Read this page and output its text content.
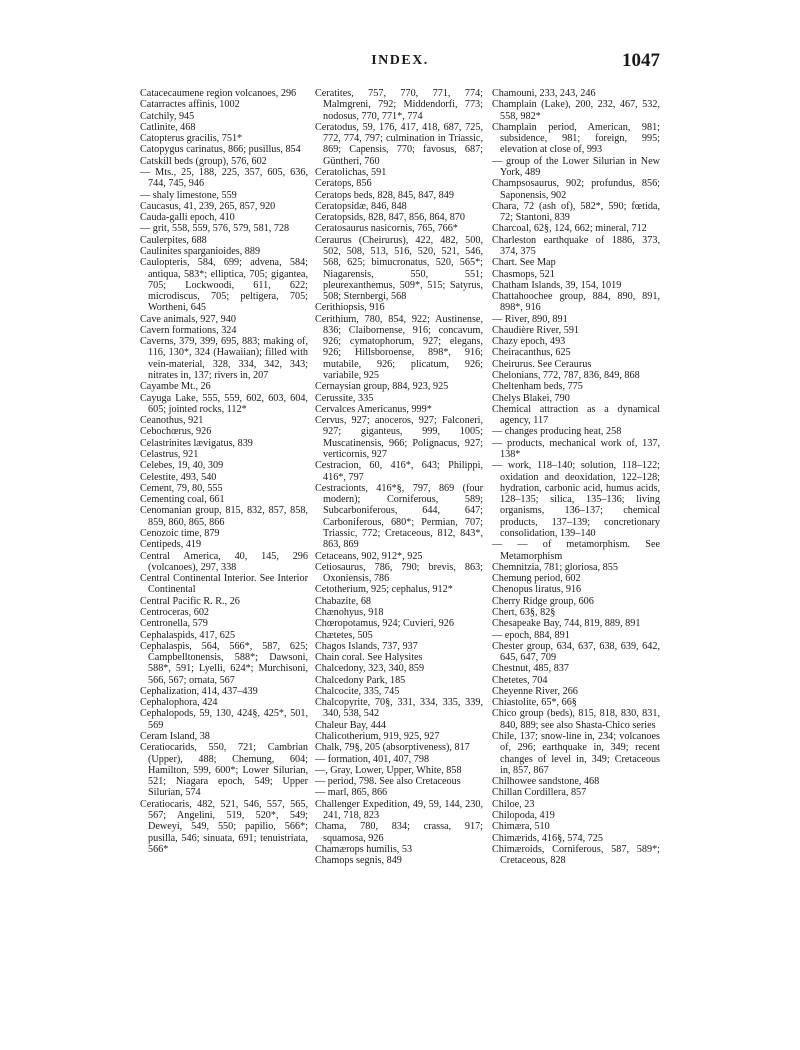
INDEX.	1047

Catacecaumene region volcanoes, 296

Catarractes affinis, 1002

Catchily, 945

Catlinite, 468

Catopterus gracilis, 751*

Catopygus carinatus, 866; pusillus, 854

Catskill beds (group), 576, 602

— Mts., 25, 188, 225, 357, 605, 636, 744, 745, 946

— shaly limestone, 559

Caucasus, 41, 239, 265, 857, 920

Cauda-galli epoch, 410

— grit, 558, 559, 576, 579, 581, 728

Caulerpites, 688

Caulinites sparganioides, 889

Caulopteris, 584, 699; advena, 584; antiqua, 583*; elliptica, 705; gigantea, 705; Lockwoodi, 611, 622; microdiscus, 705; peltigera, 705; Wortheni, 645

Cave animals, 927, 940

Cavern formations, 324

Caverns, 379, 399, 695, 883; making of, 116, 130*, 324 (Hawaiian); filled with vein-material, 328, 334, 342, 343; nitrates in, 137; rivers in, 207

Cayambe Mt., 26

Cayuga Lake, 555, 559, 602, 603, 604, 605; jointed rocks, 112*

Ceanothus, 921

Cebochœrus, 926

Celastrinites lævigatus, 839

Celastrus, 921

Celebes, 19, 40, 309

Celestite, 493, 540

Cement, 79, 80, 555

Cementing coal, 661

Cenomanian group, 815, 832, 857, 858, 859, 860, 865, 866

Cenozoic time, 879

Centipeds, 419

Central America, 40, 145, 296 (volcanoes), 297, 338

Central Continental Interior. See Interior Continental

Central Pacific R. R., 26

Centroceras, 602

Centronella, 579

Cephalaspids, 417, 625

Cephalaspis, 564, 566*, 587, 625; Campbelltonensis, 588*; Dawsoni, 588*, 591; Lyelli, 624*; Murchisoni, 566, 567; ornata, 567

Cephalization, 414, 437–439

Cephalophora, 424

Cephalopods, 59, 130, 424§, 425*, 501, 569

Ceram Island, 38

Ceratiocarids, 550, 721; Cambrian (Upper), 488; Chemung, 604; Hamilton, 599, 600*; Lower Silurian, 521; Niagara epoch, 549; Upper Silurian, 574

Ceratiocaris, 482, 521, 546, 557, 565, 567; Angelini, 519, 520*, 549; Deweyi, 549, 550; papilio, 566*; pusilla, 546; sinuata, 691; tenuistriata, 566*

Ceratites, 757, 770, 771, 774; Malmgreni, 792; Middendorfi, 773; nodosus, 770, 771*, 774

Ceratodus, 59, 176, 417, 418, 687, 725, 772, 774, 797; culmination in Triassic, 869; Capensis, 770; favosus, 687; Güntheri, 760

Ceratolichas, 591

Ceratops, 856

Ceratops beds, 828, 845, 847, 849

Ceratopsidæ, 846, 848

Ceratopsids, 828, 847, 856, 864, 870

Ceratosaurus nasicornis, 765, 766*

Ceraurus (Cheirurus), 422, 482, 500, 502, 508, 513, 516, 520, 521, 546, 568, 625; bimucronatus, 520, 565*; Niagarensis, 550, 551; pleurexanthemus, 509*, 515; Satyrus, 508; Sternbergi, 568

Cerithiopsis, 916

Cerithium, 780, 854, 922; Austinense, 836; Claibornense, 916; concavum, 926; cymatophorum, 927; elegans, 926; Hillsboroense, 898*, 916; mutabile, 926; plicatum, 926; variabile, 925

Cernaysian group, 884, 923, 925

Cerussite, 335

Cervalces Americanus, 999*

Cervus, 927; anoceros, 927; Falconeri, 927; giganteus, 999, 1005; Muscatinensis, 966; Polignacus, 927; verticornis, 927

Cestracion, 60, 416*, 643; Philippi, 416*, 797

Cestracionts, 416*§, 797, 869 (four modern); Corniferous, 589; Subcarboniferous, 644, 647; Carboniferous, 680*; Permian, 707; Triassic, 772; Cretaceous, 812, 843*, 863, 869

Cetaceans, 902, 912*, 925

Cetiosaurus, 786, 790; brevis, 863; Oxoniensis, 786

Cetotherium, 925; cephalus, 912*

Chabazite, 68

Chænohyus, 918

Chœropotamus, 924; Cuvieri, 926

Chætetes, 505

Chagos Islands, 737, 937

Chain coral. See Halysites

Chalcedony, 323, 340, 859

Chalcedony Park, 185

Chalcocite, 335, 745

Chalcopyrite, 70§, 331, 334, 335, 339, 340, 538, 542

Chaleur Bay, 444

Chalicotherium, 919, 925, 927

Chalk, 79§, 205 (absorptiveness), 817

— formation, 401, 407, 798

—, Gray, Lower, Upper, White, 858

— period, 798. See also Cretaceous

— marl, 865, 866

Challenger Expedition, 49, 59, 144, 230, 241, 718, 823

Chama, 780, 834; crassa, 917; squamosa, 926

Chamærops humilis, 53

Chamops segnis, 849

Chamouni, 233, 243, 246

Champlain (Lake), 200, 232, 467, 532, 558, 982*

Champlain period, American, 981; subsidence, 981; foreign, 995; elevation at close of, 993

— group of the Lower Silurian in New York, 489

Champsosaurus, 902; profundus, 856; Saponensis, 902

Chara, 72 (ash of), 582*, 590; fœtida, 72; Stantoni, 839

Charcoal, 62§, 124, 662; mineral, 712

Charleston earthquake of 1886, 373, 374, 375

Chart. See Map

Chasmops, 521

Chatham Islands, 39, 154, 1019

Chattahoochee group, 884, 890, 891, 898*, 916

— River, 890, 891

Chaudière River, 591

Chazy epoch, 493

Cheiracanthus, 625

Cheirurus. See Ceraurus

Chelonians, 772, 787, 836, 849, 868

Cheltenham beds, 775

Chelys Blakei, 790

Chemical attraction as a dynamical agency, 117

— changes producing heat, 258

— products, mechanical work of, 137, 138*

— work, 118–140; solution, 118–122; oxidation and deoxidation, 122–128; hydration, carbonic acid, humus acids, 128–135; silica, 135–136; living organisms, 136–137; chemical products, 137–139; concretionary consolidation, 139–140

— — of metamorphism. See Metamorphism

Chemnitzia, 781; gloriosa, 855

Chemung period, 602

Chenopus liratus, 916

Cherry Ridge group, 606

Chert, 63§, 82§

Chesapeake Bay, 744, 819, 889, 891

— epoch, 884, 891

Chester group, 634, 637, 638, 639, 642, 645, 647, 709

Chestnut, 485, 837

Chetetes, 704

Cheyenne River, 266

Chiastolite, 65*, 66§

Chico group (beds), 815, 818, 830, 831, 840, 889; see also Shasta-Chico series

Chile, 137; snow-line in, 234; volcanoes of, 296; earthquake in, 349; recent changes of level in, 349; Cretaceous in, 857, 867

Chilhowee sandstone, 468

Chillan Cordillera, 857

Chiloe, 23

Chilopoda, 419

Chimæra, 510

Chimærids, 416§, 574, 725

Chimæroids, Corniferous, 587, 589*; Cretaceous, 828
